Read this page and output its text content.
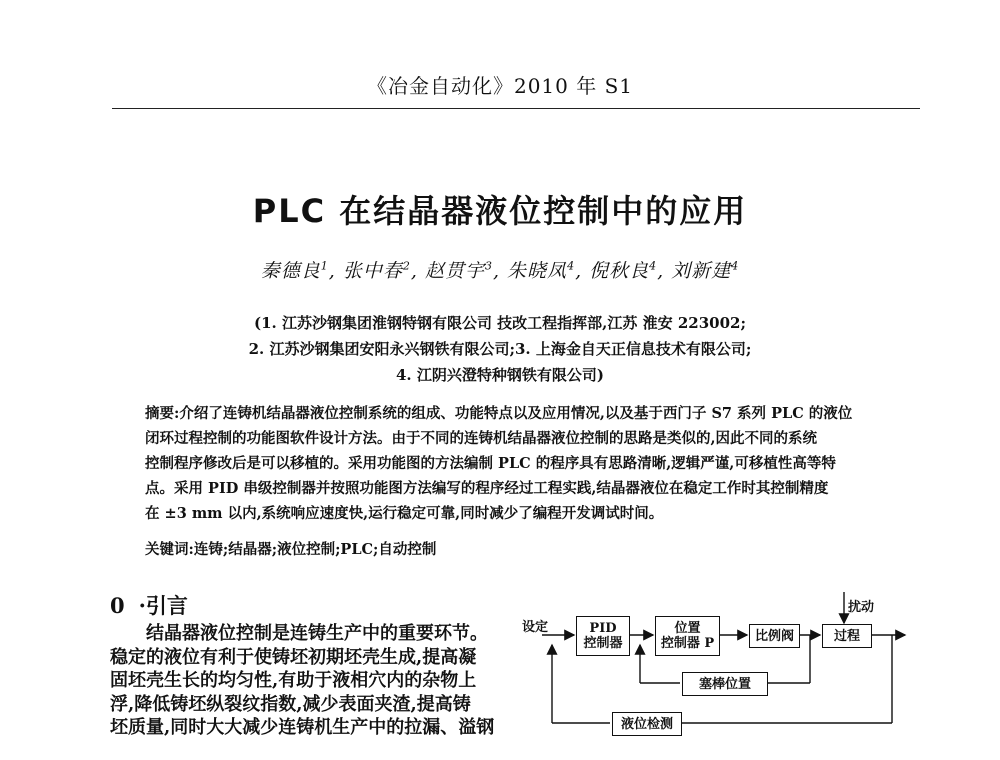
《冶金自动化》2010 年 S1
PLC 在结晶器液位控制中的应用
秦德良$^1$, 张中春$^2$, 赵贯宇$^3$, 朱晓凤$^4$, 倪秋良$^4$, 刘新建$^4$
(1. 江苏沙钢集团淮钢特钢有限公司 技改工程指挥部,江苏 淮安 223002;
2. 江苏沙钢集团安阳永兴钢铁有限公司;3. 上海金自天正信息技术有限公司;
4. 江阴兴澄特种钢铁有限公司)
摘要:介绍了连铸机结晶器液位控制系统的组成、功能特点以及应用情况,以及基于西门子 S7 系列 PLC 的液位
闭环过程控制的功能图软件设计方法。由于不同的连铸机结晶器液位控制的思路是类似的,因此不同的系统
控制程序修改后是可以移植的。采用功能图的方法编制 PLC 的程序具有思路清晰,逻辑严谨,可移植性高等特
点。采用 PID 串级控制器并按照功能图方法编写的程序经过工程实践,结晶器液位在稳定工作时其控制精度
在 ±3 mm 以内,系统响应速度快,运行稳定可靠,同时减少了编程开发调试时间。
关键词:连铸;结晶器;液位控制;PLC;自动控制
0 ·引言
结晶器液位控制是连铸生产中的重要环节。
稳定的液位有利于使铸坯初期坯壳生成,提高凝
固坯壳生长的均匀性,有助于液相穴内的杂物上
浮,降低铸坯纵裂纹指数,减少表面夹渣,提高铸
坯质量,同时大大减少连铸机生产中的拉漏、溢钢
设定
扰动
PID
控制器
位置
控制器 P	比例阀	过程
塞棒位置
液位检测
